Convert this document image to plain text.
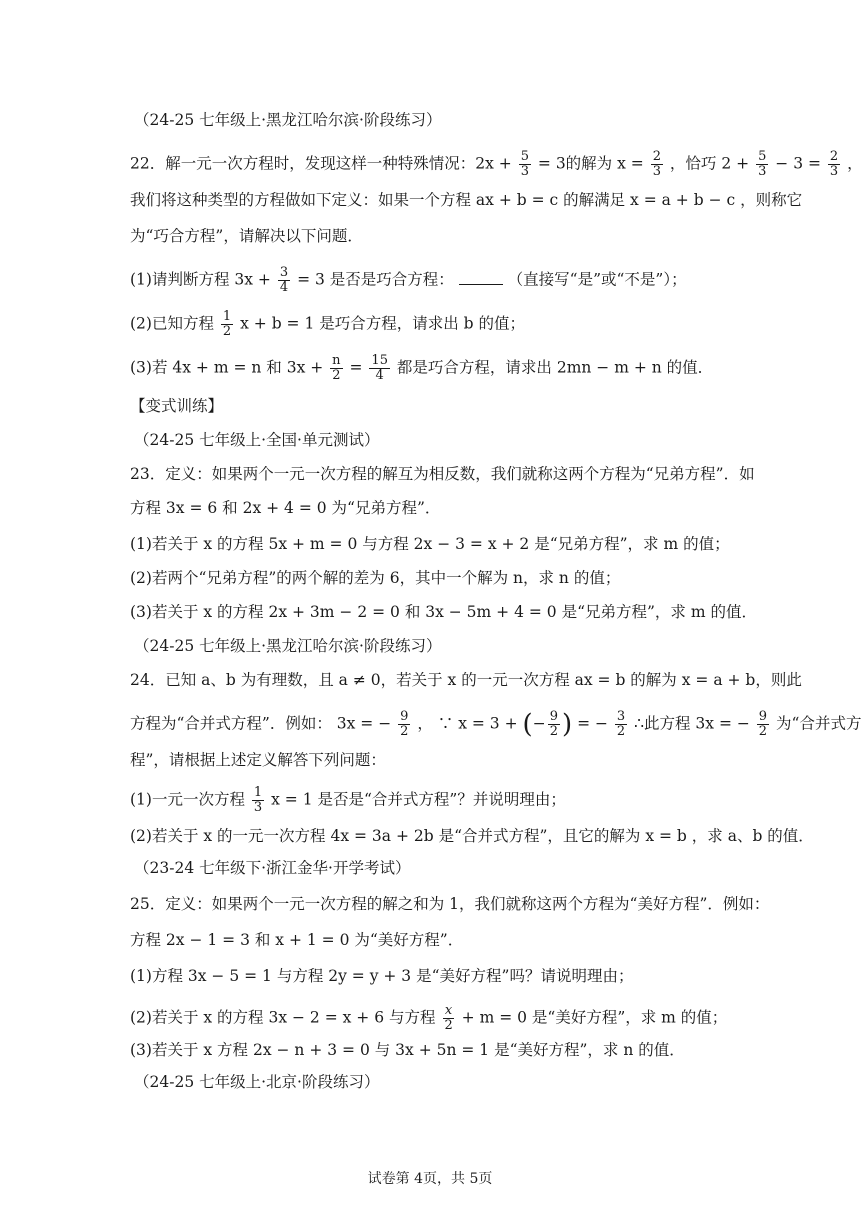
（24-25 七年级上·黑龙江哈尔滨·阶段练习）
22．解一元一次方程时，发现这样一种特殊情况：$2x + \frac{5}{3} = 3$的解为 $x = \frac{2}{3}$ ，恰巧 $2 + \frac{5}{3} - 3 = \frac{2}{3}$ ，
我们将这种类型的方程做如下定义：如果一个方程 ax + b = c 的解满足 x = a + b − c ，则称它
为“巧合方程”，请解决以下问题．
(1)请判断方程 $3x + \frac{3}{4} = 3$ 是否是巧合方程：	（直接写“是”或“不是”）；
(2)已知方程 $\frac{1}{2}$ x + b = 1 是巧合方程，请求出 b 的值；
(3)若 4x + m = n 和 $3x + \frac{n}{2} = \frac{15}{4}$ 都是巧合方程，请求出 2mn − m + n 的值．
【变式训练】
（24-25 七年级上·全国·单元测试）
23．定义：如果两个一元一次方程的解互为相反数，我们就称这两个方程为“兄弟方程”．如
方程 3x = 6 和 2x + 4 = 0 为“兄弟方程”．
(1)若关于 x 的方程 5x + m = 0 与方程 2x − 3 = x + 2 是“兄弟方程”，求 m 的值；
(2)若两个“兄弟方程”的两个解的差为 6，其中一个解为 n，求 n 的值；
(3)若关于 x 的方程 2x + 3m − 2 = 0 和 3x − 5m + 4 = 0 是“兄弟方程”，求 m 的值．
（24-25 七年级上·黑龙江哈尔滨·阶段练习）
24．已知 a、b 为有理数，且 a ≠ 0，若关于 x 的一元一次方程 ax = b 的解为 x = a + b，则此
方程为“合并式方程”．例如： 3x = − $\frac{9}{2}$ ， ∵ x = 3 + (− $\frac{9}{2}$ ) = − $\frac{3}{2}$ ∴此方程 3x = − $\frac{9}{2}$ 为“合并式方
程”，请根据上述定义解答下列问题：
(1)一元一次方程 $\frac{1}{3}$ x = 1 是否是“合并式方程”？并说明理由；
(2)若关于 x 的一元一次方程 4x = 3a + 2b 是“合并式方程”，且它的解为 x = b ，求 a、b 的值．
（23-24 七年级下·浙江金华·开学考试）
25．定义：如果两个一元一次方程的解之和为 1，我们就称这两个方程为“美好方程”．例如：
方程 2x − 1 = 3 和 x + 1 = 0 为“美好方程”．
(1)方程 3x − 5 = 1 与方程 2y = y + 3 是“美好方程”吗？请说明理由；
(2)若关于 x 的方程 3x − 2 = x + 6 与方程 $\frac{x}{2} + m = 0$ 是“美好方程”，求 m 的值；
(3)若关于 x 方程 2x − n + 3 = 0 与 3x + 5n = 1 是“美好方程”，求 n 的值．
（24-25 七年级上·北京·阶段练习）
试卷第 4页，共 5页
